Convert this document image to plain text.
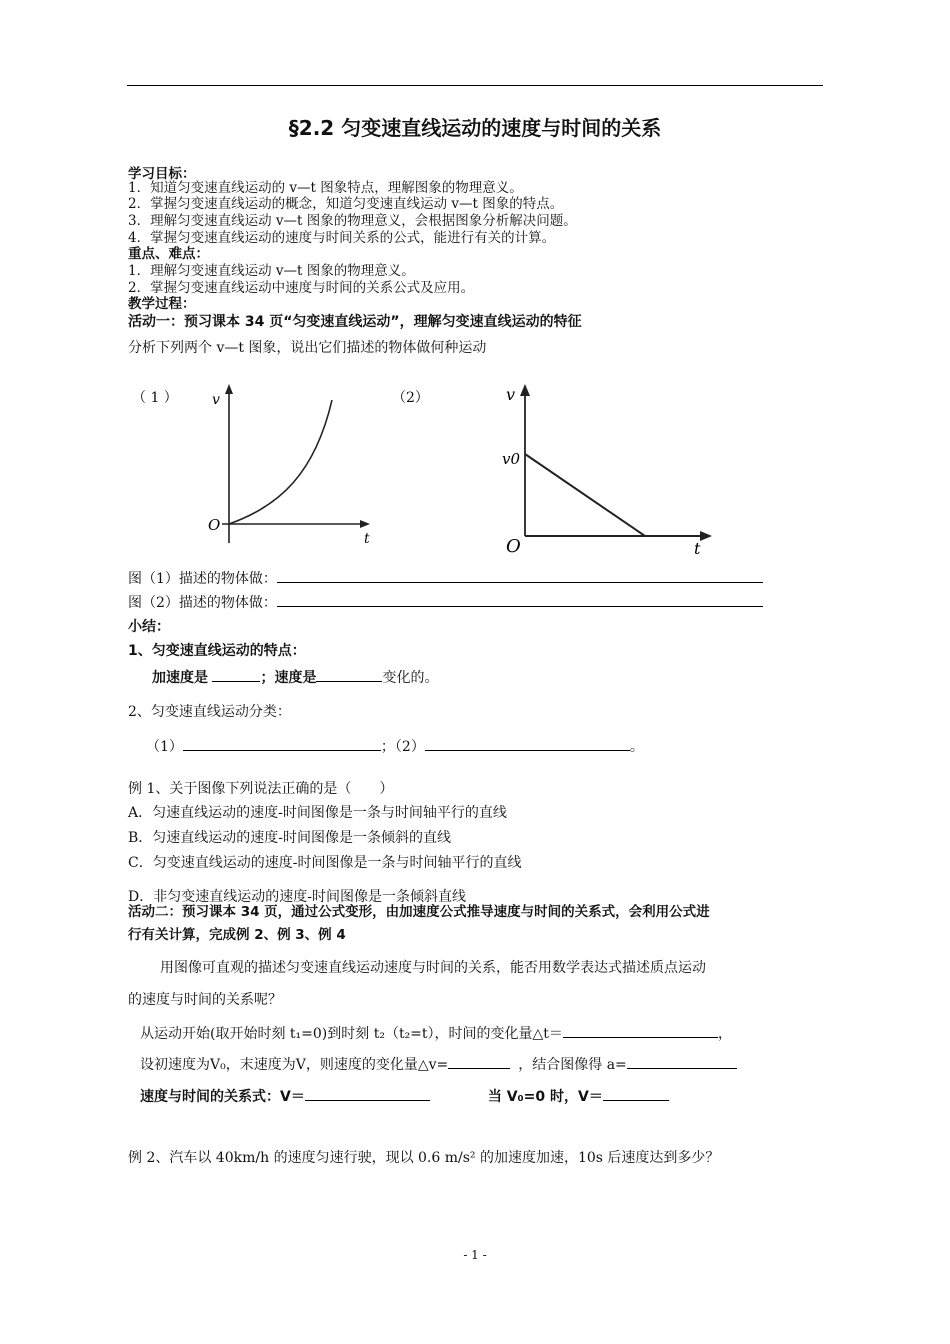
§2.2 匀变速直线运动的速度与时间的关系
学习目标：
1．知道匀变速直线运动的 v—t 图象特点，理解图象的物理意义。
2．掌握匀变速直线运动的概念，知道匀变速直线运动 v—t 图象的特点。
3．理解匀变速直线运动 v—t 图象的物理意义，会根据图象分析解决问题。
4．掌握匀变速直线运动的速度与时间关系的公式，能进行有关的计算。
重点、难点：
1．理解匀变速直线运动 v—t 图象的物理意义。
2．掌握匀变速直线运动中速度与时间的关系公式及应用。
教学过程：
活动一：预习课本 34 页“匀变速直线运动”，理解匀变速直线运动的特征
分析下列两个 v—t 图象，说出它们描述的物体做何种运动
（ 1 ） v
O
t
（2）	v
v0
O	t
图（1）描述的物体做：
图（2）描述的物体做：
小结：
1、匀变速直线运动的特点：
加速度是	；速度是	变化的。
2、匀变速直线运动分类：
（1）	；（2）	。
例 1、关于图像下列说法正确的是（　　）
A．匀速直线运动的速度-时间图像是一条与时间轴平行的直线
B．匀速直线运动的速度-时间图像是一条倾斜的直线
C．匀变速直线运动的速度-时间图像是一条与时间轴平行的直线
D．非匀变速直线运动的速度-时间图像是一条倾斜直线
活动二：预习课本 34 页，通过公式变形，由加速度公式推导速度与时间的关系式，会利用公式进
行有关计算，完成例 2、例 3、例 4
用图像可直观的描述匀变速直线运动速度与时间的关系，能否用数学表达式描述质点运动
的速度与时间的关系呢？
从运动开始(取开始时刻 t₁=0)到时刻 t₂（t₂=t），时间的变化量△t＝	，
设初速度为V₀，末速度为V，则速度的变化量△v=	，结合图像得 a=
速度与时间的关系式：V＝	当 V₀=0 时，V＝
例 2、汽车以 40km/h 的速度匀速行驶，现以 0.6 m/s² 的加速度加速，10s 后速度达到多少？
- 1 -
